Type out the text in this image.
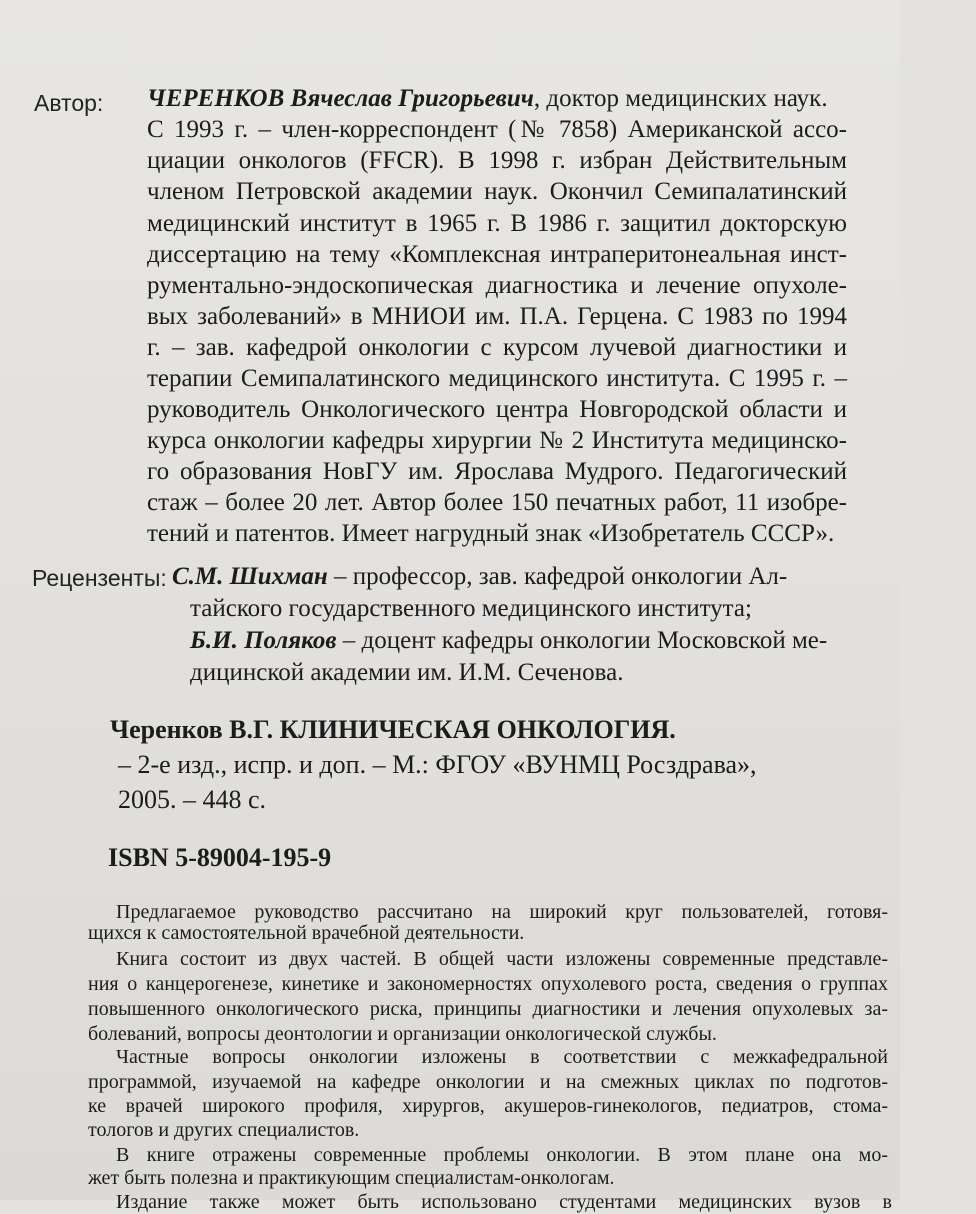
Автор: ЧЕРЕНКОВ Вячеслав Григорьевич, доктор медицинских наук.
С 1993 г. – член-корреспондент (№ 7858) Американской ассо-
циации онкологов (FFCR). В 1998 г. избран Действительным
членом Петровской академии наук. Окончил Семипалатинский
медицинский институт в 1965 г. В 1986 г. защитил докторскую
диссертацию на тему «Комплексная интраперитонеальная инст-
рументально-эндоскопическая диагностика и лечение опухоле-
вых заболеваний» в МНИОИ им. П.А. Герцена. С 1983 по 1994
г. – зав. кафедрой онкологии с курсом лучевой диагностики и
терапии Семипалатинского медицинского института. С 1995 г. –
руководитель Онкологического центра Новгородской области и
курса онкологии кафедры хирургии № 2 Института медицинско-
го образования НовГУ им. Ярослава Мудрого. Педагогический
стаж – более 20 лет. Автор более 150 печатных работ, 11 изобре-
тений и патентов. Имеет нагрудный знак «Изобретатель СССР».
Рецензенты: С.М. Шихман – профессор, зав. кафедрой онкологии Ал-
тайского государственного медицинского института;
Б.И. Поляков – доцент кафедры онкологии Московской ме-
дицинской академии им. И.М. Сеченова.
Черенков В.Г. КЛИНИЧЕСКАЯ ОНКОЛОГИЯ.
– 2-е изд., испр. и доп. – М.: ФГОУ «ВУНМЦ Росздрава»,
2005. – 448 с.
ISBN 5-89004-195-9
Предлагаемое руководство рассчитано на широкий круг пользователей, готовя-
щихся к самостоятельной врачебной деятельности.
Книга состоит из двух частей. В общей части изложены современные представле-
ния о канцерогенезе, кинетике и закономерностях опухолевого роста, сведения о группах
повышенного онкологического риска, принципы диагностики и лечения опухолевых за-
болеваний, вопросы деонтологии и организации онкологической службы.
Частные вопросы онкологии изложены в соответствии с межкафедральной
программой, изучаемой на кафедре онкологии и на смежных циклах по подготов-
ке врачей широкого профиля, хирургов, акушеров-гинекологов, педиатров, стома-
тологов и других специалистов.
В книге отражены современные проблемы онкологии. В этом плане она мо-
жет быть полезна и практикующим специалистам-онкологам.
Издание также может быть использовано студентами медицинских вузов в
